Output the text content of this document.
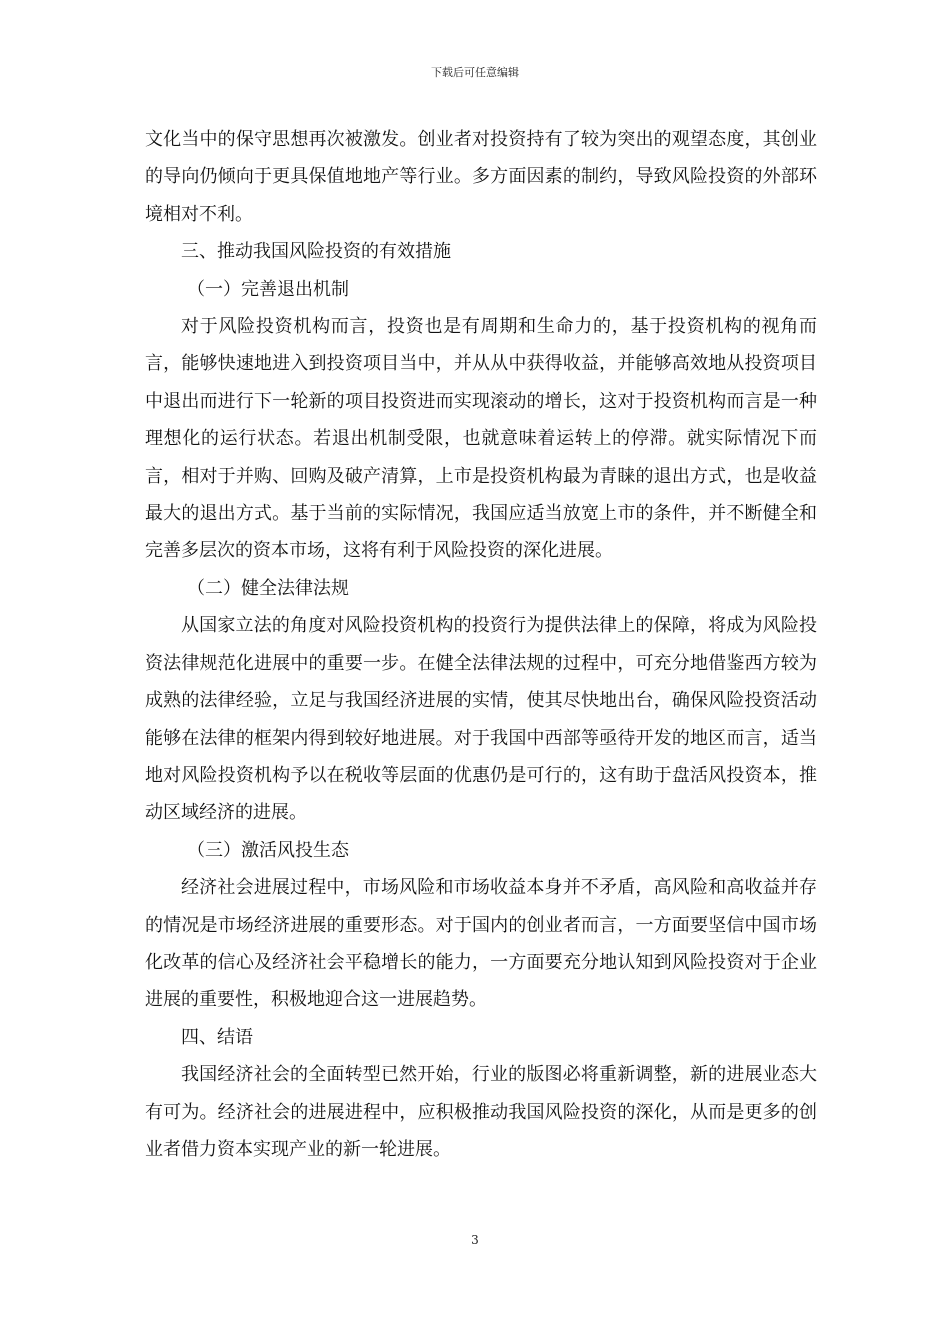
下载后可任意编辑

文化当中的保守思想再次被激发。创业者对投资持有了较为突出的观望态度，其创业的导向仍倾向于更具保值地地产等行业。多方面因素的制约，导致风险投资的外部环境相对不利。

三、推动我国风险投资的有效措施

（一）完善退出机制

对于风险投资机构而言，投资也是有周期和生命力的，基于投资机构的视角而言，能够快速地进入到投资项目当中，并从从中获得收益，并能够高效地从投资项目中退出而进行下一轮新的项目投资进而实现滚动的增长，这对于投资机构而言是一种理想化的运行状态。若退出机制受限，也就意味着运转上的停滞。就实际情况下而言，相对于并购、回购及破产清算，上市是投资机构最为青睐的退出方式，也是收益最大的退出方式。基于当前的实际情况，我国应适当放宽上市的条件，并不断健全和完善多层次的资本市场，这将有利于风险投资的深化进展。

（二）健全法律法规

从国家立法的角度对风险投资机构的投资行为提供法律上的保障，将成为风险投资法律规范化进展中的重要一步。在健全法律法规的过程中，可充分地借鉴西方较为成熟的法律经验，立足与我国经济进展的实情，使其尽快地出台，确保风险投资活动能够在法律的框架内得到较好地进展。对于我国中西部等亟待开发的地区而言，适当地对风险投资机构予以在税收等层面的优惠仍是可行的，这有助于盘活风投资本，推动区域经济的进展。

（三）激活风投生态

经济社会进展过程中，市场风险和市场收益本身并不矛盾，高风险和高收益并存的情况是市场经济进展的重要形态。对于国内的创业者而言，一方面要坚信中国市场化改革的信心及经济社会平稳增长的能力，一方面要充分地认知到风险投资对于企业进展的重要性，积极地迎合这一进展趋势。

四、结语

我国经济社会的全面转型已然开始，行业的版图必将重新调整，新的进展业态大有可为。经济社会的进展进程中，应积极推动我国风险投资的深化，从而是更多的创业者借力资本实现产业的新一轮进展。

3
